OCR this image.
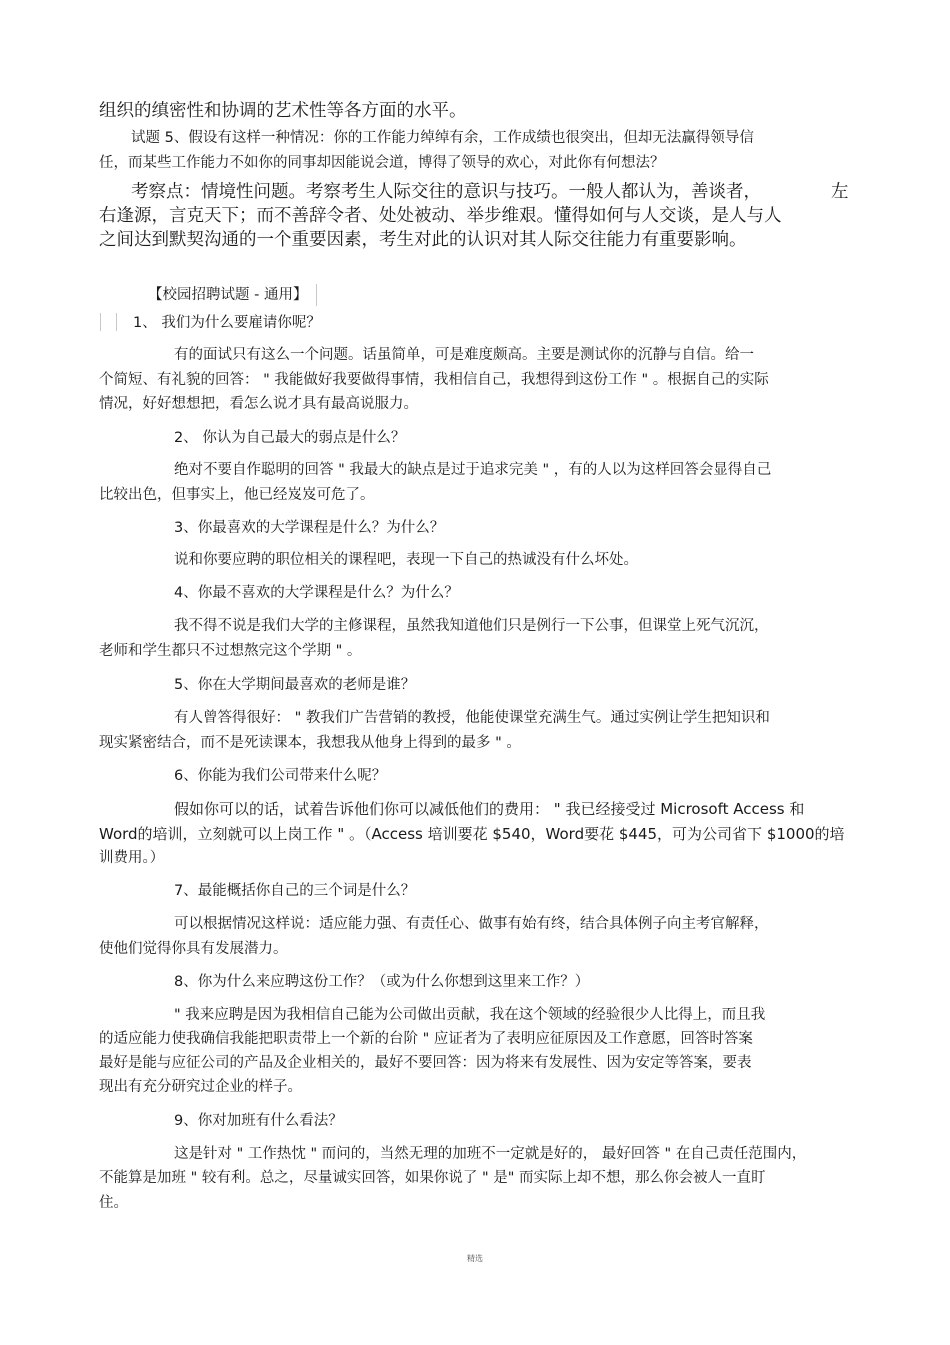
组织的缜密性和协调的艺术性等各方面的水平。
试题 5、假设有这样一种情况：你的工作能力绰绰有余，工作成绩也很突出，但却无法赢得领导信
任，而某些工作能力不如你的同事却因能说会道，博得了领导的欢心，对此你有何想法？
考察点：情境性问题。考察考生人际交往的意识与技巧。一般人都认为，善谈者，	左
右逢源，言克天下；而不善辞令者、处处被动、举步维艰。懂得如何与人交谈，是人与人
之间达到默契沟通的一个重要因素，考生对此的认识对其人际交往能力有重要影响。
【校园招聘试题 - 通用】
1、 我们为什么要雇请你呢？
有的面试只有这么一个问题。话虽简单，可是难度颇高。主要是测试你的沉静与自信。给一
个简短、有礼貌的回答： " 我能做好我要做得事情，我相信自己，我想得到这份工作 " 。根据自己的实际
情况，好好想想把，看怎么说才具有最高说服力。
2、 你认为自己最大的弱点是什么？
绝对不要自作聪明的回答 " 我最大的缺点是过于追求完美 " ，有的人以为这样回答会显得自己
比较出色，但事实上，他已经岌岌可危了。
3、你最喜欢的大学课程是什么？为什么？
说和你要应聘的职位相关的课程吧，表现一下自己的热诚没有什么坏处。
4、你最不喜欢的大学课程是什么？为什么？
我不得不说是我们大学的主修课程，虽然我知道他们只是例行一下公事，但课堂上死气沉沉，
老师和学生都只不过想熬完这个学期 " 。
5、你在大学期间最喜欢的老师是谁？
有人曾答得很好： " 教我们广告营销的教授，他能使课堂充满生气。通过实例让学生把知识和
现实紧密结合，而不是死读课本，我想我从他身上得到的最多 " 。
6、你能为我们公司带来什么呢？
假如你可以的话，试着告诉他们你可以减低他们的费用： " 我已经接受过 Microsoft Access 和
Word的培训，立刻就可以上岗工作 " 。（Access 培训要花 $540，Word要花 $445，可为公司省下 $1000的培
训费用。）
7、最能概括你自己的三个词是什么？
可以根据情况这样说：适应能力强、有责任心、做事有始有终，结合具体例子向主考官解释，
使他们觉得你具有发展潜力。
8、你为什么来应聘这份工作？（或为什么你想到这里来工作？）
" 我来应聘是因为我相信自己能为公司做出贡献，我在这个领域的经验很少人比得上，而且我
的适应能力使我确信我能把职责带上一个新的台阶 " 应证者为了表明应征原因及工作意愿，回答时答案
最好是能与应征公司的产品及企业相关的，最好不要回答：因为将来有发展性、因为安定等答案，要表
现出有充分研究过企业的样子。
9、你对加班有什么看法？
这是针对 " 工作热忱 " 而问的，当然无理的加班不一定就是好的， 最好回答 " 在自己责任范围内，
不能算是加班 " 较有利。总之，尽量诚实回答，如果你说了 " 是" 而实际上却不想，那么你会被人一直盯
住。
精选
